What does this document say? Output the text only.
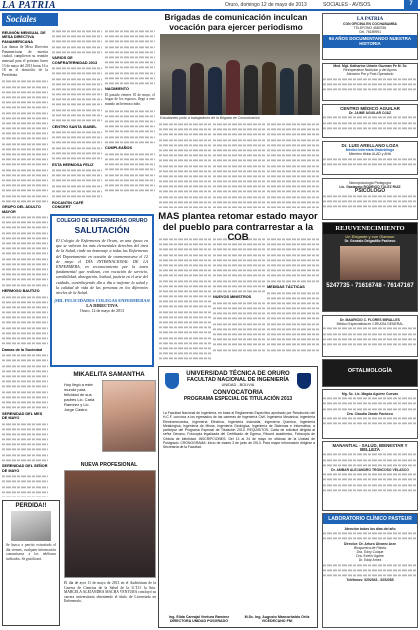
LA PATRIA	Oruro, domingo 12 de mayo de 2013	SOCIALES - AVISOS	7
Sociales
REUNIÓN MENSUAL DE MESA DIRECTIVA PANAMERICANA

Las damas de Mesa Directiva Panamericana de nuestra ciudad, cumplieron su reunión mensual para el próximo lunes 13 de mayo del 2013 horas 16 a 18 en el domicilio de la Presidenta.

GRUPO DEL ADULTO MAYOR
HERMOSO BAUTIZO
Damas de la Sociedad
SERENIDAD DEL MES DE MAYO
SERENIDAD DEL SEÑOR DE MAYO
VARIOS DE CONFRATERNIDAD 2013
CENTRO SANTA ISABEL
ESTA HERMOSA FELIZ
ROCANTIN CAFÉ CONCERT
NACIMIENTO

El pasado viernes 10 de mayo, el hogar de los esposos, llegó a este mundo un hermoso niño.

CUMPLEAÑOS
Brigadas de comunicación inculcan vocación para ejercer periodismo
Estudiantes junto a trabajadores de la Brigada de Comunicación
MAS plantea retomar estado mayor del pueblo para contrarrestar a la COB
NUEVOS MINISTROS
MEDIDAS TÁCTICAS
COLEGIO DE ENFERMERAS ORURO
SALUTACIÓN
El Colegio de Enfermeras de Oruro, en una época en que se valoran los más elementales derechos del área de la Salud, rinde un homenaje a todas las Enfermeras del Departamento en ocasión de conmemorarse el 12 de mayo el DÍA INTERNACIONAL DE LA ENFERMERA, en reconocimiento por la tarea fundamental que realizan, con vocación de servicio, sensibilidad, abnegación, lealtad, justicia en el arte del cuidado, contribuyendo día a día a mejorar la salud y la calidad de vida de las personas en los diferentes niveles de la Salud.
¡MIL FELICIDADES COLEGAS ENFERMERAS!
LA DIRECTIVA
Oruro, 12 de mayo de 2013
MIKAELITA SAMANTHA
Hoy llegó a este mundo para felicidad de sus padres Lic. Carla Ramírez y Lic. Jorge Castro.
NUEVA PROFESIONAL
El día de ayer 11 de mayo de 2013 en el Auditórium de la Carrera de Ciencias de la Salud de la U.T.O. la Srta. MARCELA ALEJANDRA MACHA VENTURA concluyó su carrera universitaria obteniendo el título de Licenciada en Enfermería.
PERDIDA!!
Se busca a perrito extraviado el día viernes, cualquier información comunicarse a los teléfonos indicados. Se gratificará.
UNIVERSIDAD TÉCNICA DE ORURO
FACULTAD NACIONAL DE INGENIERÍA
UNIDAD - BOLIVIA
CONVOCATORIA
PROGRAMA ESPECIAL DE TITULACIÓN 2013
La Facultad Nacional de Ingeniería, en base al Reglamento Específico aprobado por Resolución del H.C.F. convoca a los egresados de las carreras de Ingeniería Civil, Ingeniería Mecánica, Ingeniería Electromecánica, Ingeniería Eléctrica, Ingeniería Industrial, Ingeniería Química, Ingeniería Metalúrgica, Ingeniería de Minas, Ingeniería Geológica, Ingeniería de Sistemas e Informática, a participar del Programa Especial de Titulación 2013. REQUISITOS: Carta de solicitud dirigida al señor Decano, Fotocopia legalizada del Certificado de Egreso, Récord académico, Fotocopia de Cédula de Identidad. INSCRIPCIONES: Del 13 al 24 de mayo en oficinas de la Unidad de Postgrado. CRONOGRAMA: Inicio de clases 3 de junio de 2013. Para mayor información dirigirse a Secretaría de la Facultad.
Ing. Elida Carvajal Ventura Ramírez DIRECTORA UNIDAD POSGRADO
M.Sc. Ing. Augusto Mancorbaldo Ortiz VICEDECANO FNI
LA PATRIA
CON OFICINA EN COCHABAMBA
TELEFONO 4583756
Cel. 76189991
94 AÑOS DOCUMENTANDO NUESTRA HISTORIA
Med. Mgt. Katharine Uriarte Guzman Pe M. Sc
Retroperation Nutrición y del Ayuno
Atención Pre y Post Operatorio
CENTRO MÉDICO AGUILAR
Dr. JAIME AGUILAR OJAZ
Dr. LUIS ARELLANO LOZA
Médico Internista Diabetólogo
Miembro titular ALAD y AHA
Neuropsicología Pedagogía
Lic. Gastaveto RODRIGO TOLEZ RUIZ
PSICÓLOGO
REJUVENECIMIENTO
Un Elegante y con Glamour
Dr. Gonzalo Delgadillo Pacheco
5247735 - 71616748 - 76147167
Dr. MAURICIO C. FLORES MIRALLES
Médico Especialista en CIRUGÍA GENERAL
OFTALMOLOGÍA
Mg. Sc. Lic. Magda Aguirre Cuevas
Dra. Claudia Zárate Pacheco
MANANTIAL - SALUD, BIENESTAR Y BELLEZA
Dr. AMBAR ALEJANDRO TRONCOSO VELASCO
LABORATORIO CLÍNICO PASTEUR
Atención todos los días del año
Director: Dr. Arturo Álvarez Arze
Bioquímica de Planta
Dra. Edny Colque
Dra. Evelin Ugarte
Dr. Eddy Arnez
Teléfonos: 5252543 - 5252085
